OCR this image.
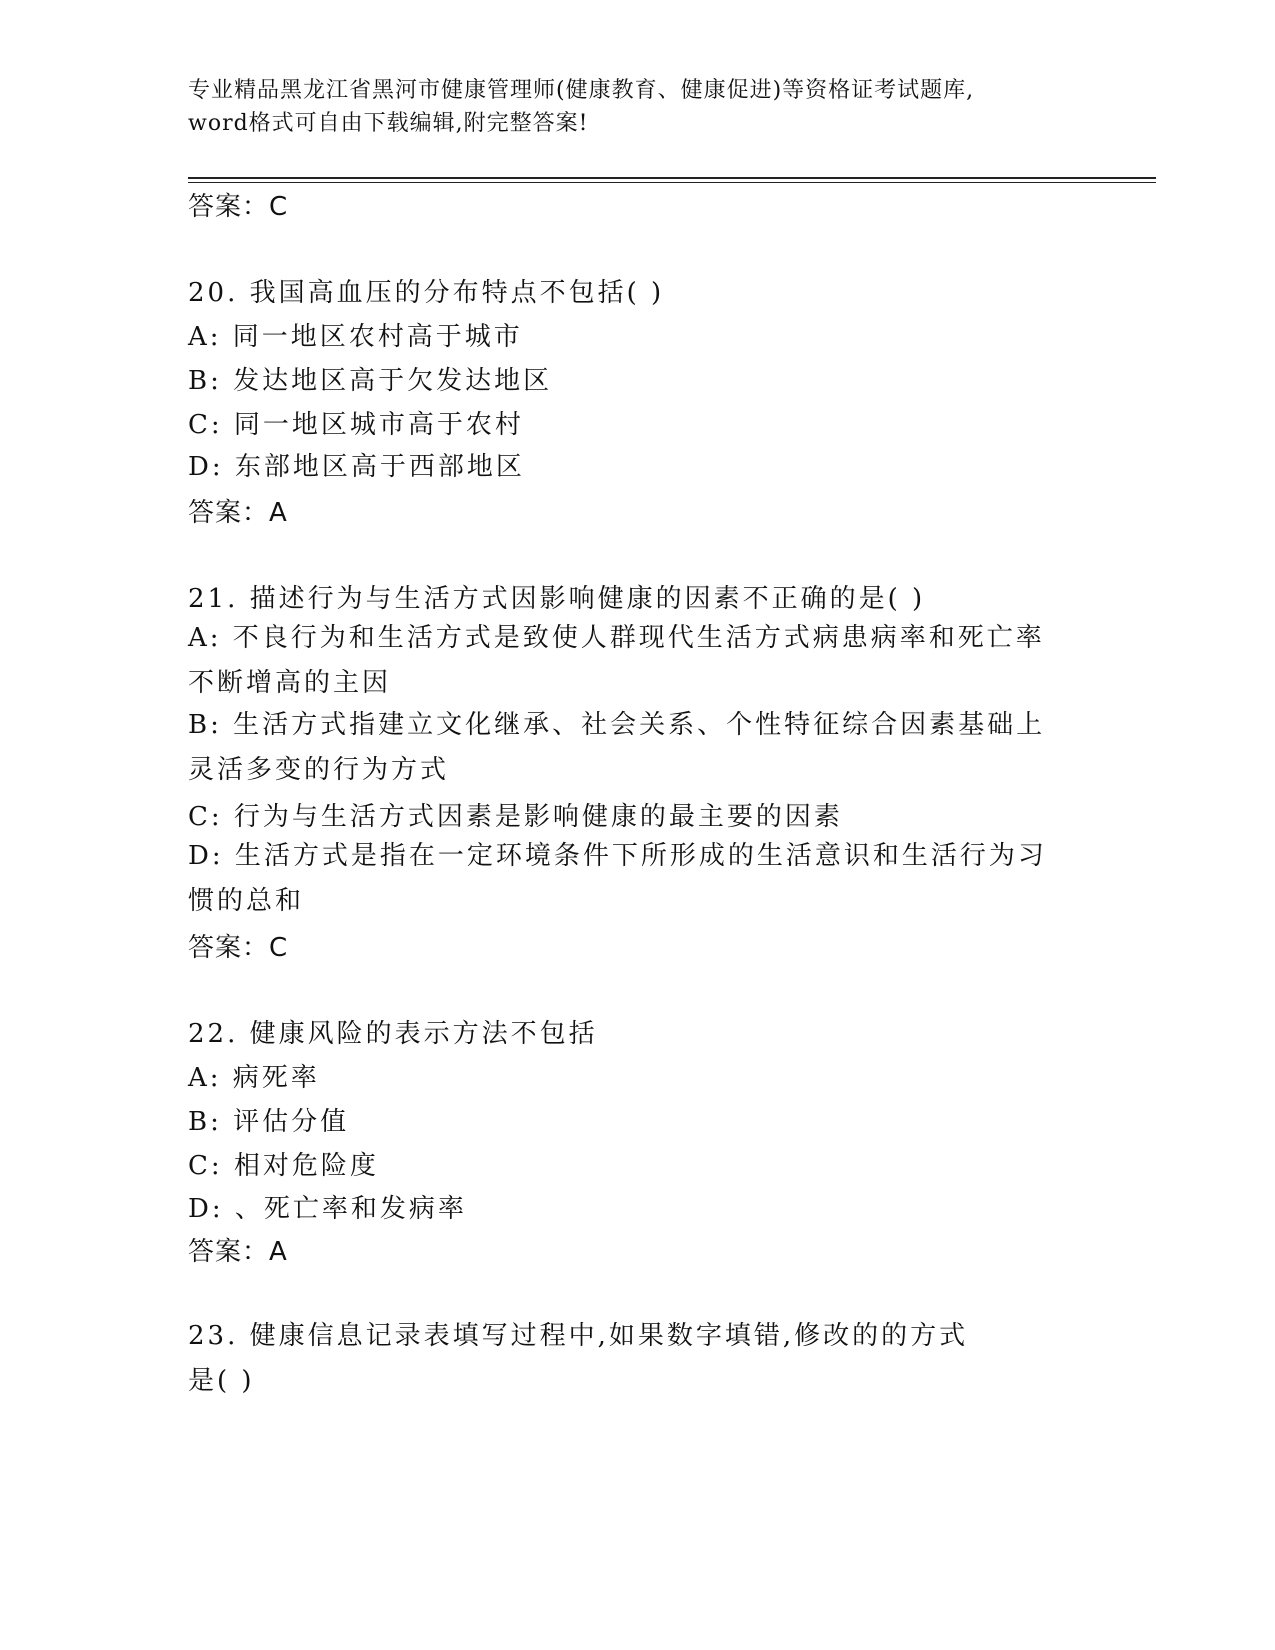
专业精品黑龙江省黑河市健康管理师(健康教育、健康促进)等资格证考试题库,
word格式可自由下载编辑,附完整答案!
答案：C
20. 我国高血压的分布特点不包括( )
A: 同一地区农村高于城市
B: 发达地区高于欠发达地区
C: 同一地区城市高于农村
D: 东部地区高于西部地区
答案：A
21. 描述行为与生活方式因影响健康的因素不正确的是( )
A: 不良行为和生活方式是致使人群现代生活方式病患病率和死亡率不断增高的主因
B: 生活方式指建立文化继承、社会关系、个性特征综合因素基础上灵活多变的行为方式
C: 行为与生活方式因素是影响健康的最主要的因素
D: 生活方式是指在一定环境条件下所形成的生活意识和生活行为习惯的总和
答案：C
22. 健康风险的表示方法不包括
A: 病死率
B: 评估分值
C: 相对危险度
D: 、死亡率和发病率
答案：A
23. 健康信息记录表填写过程中,如果数字填错,修改的的方式是( )
